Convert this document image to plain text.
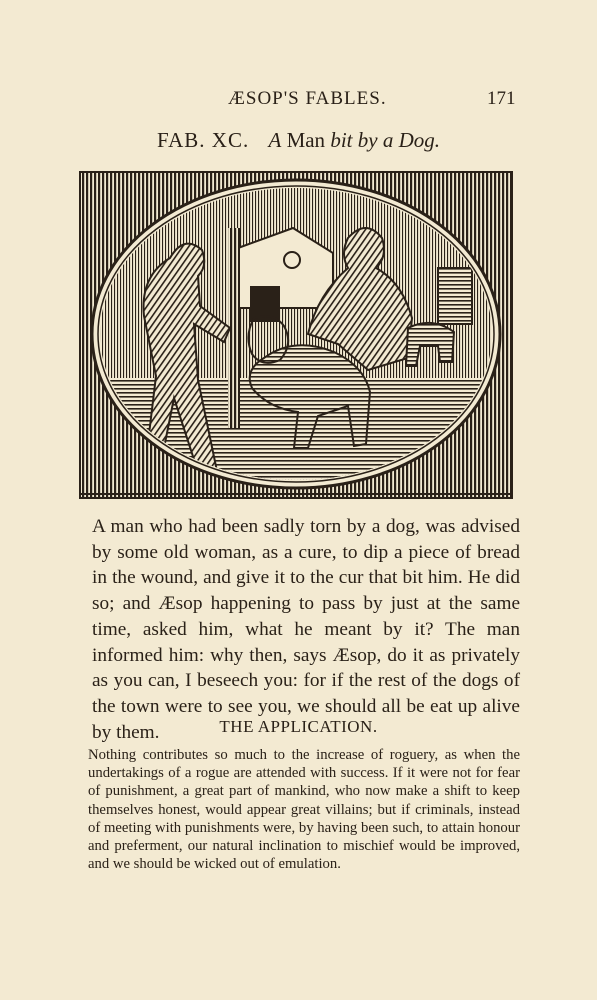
ÆSOP'S FABLES.	171
FAB. XC. A Man bit by a Dog.

A man who had been sadly torn by a dog, was advised by some old woman, as a cure, to dip a piece of bread in the wound, and give it to the cur that bit him. He did so; and Æsop happening to pass by just at the same time, asked him, what he meant by it? The man informed him: why then, says Æsop, do it as privately as you can, I beseech you: for if the rest of the dogs of the town were to see you, we should all be eat up alive by them.	THE APPLICATION.

Nothing contributes so much to the increase of roguery, as when the undertakings of a rogue are attended with success. If it were not for fear of punishment, a great part of mankind, who now make a shift to keep themselves honest, would appear great villains; but if criminals, instead of meeting with punishments were, by having been such, to attain honour and preferment, our natural inclination to mischief would be improved, and we should be wicked out of emulation.
